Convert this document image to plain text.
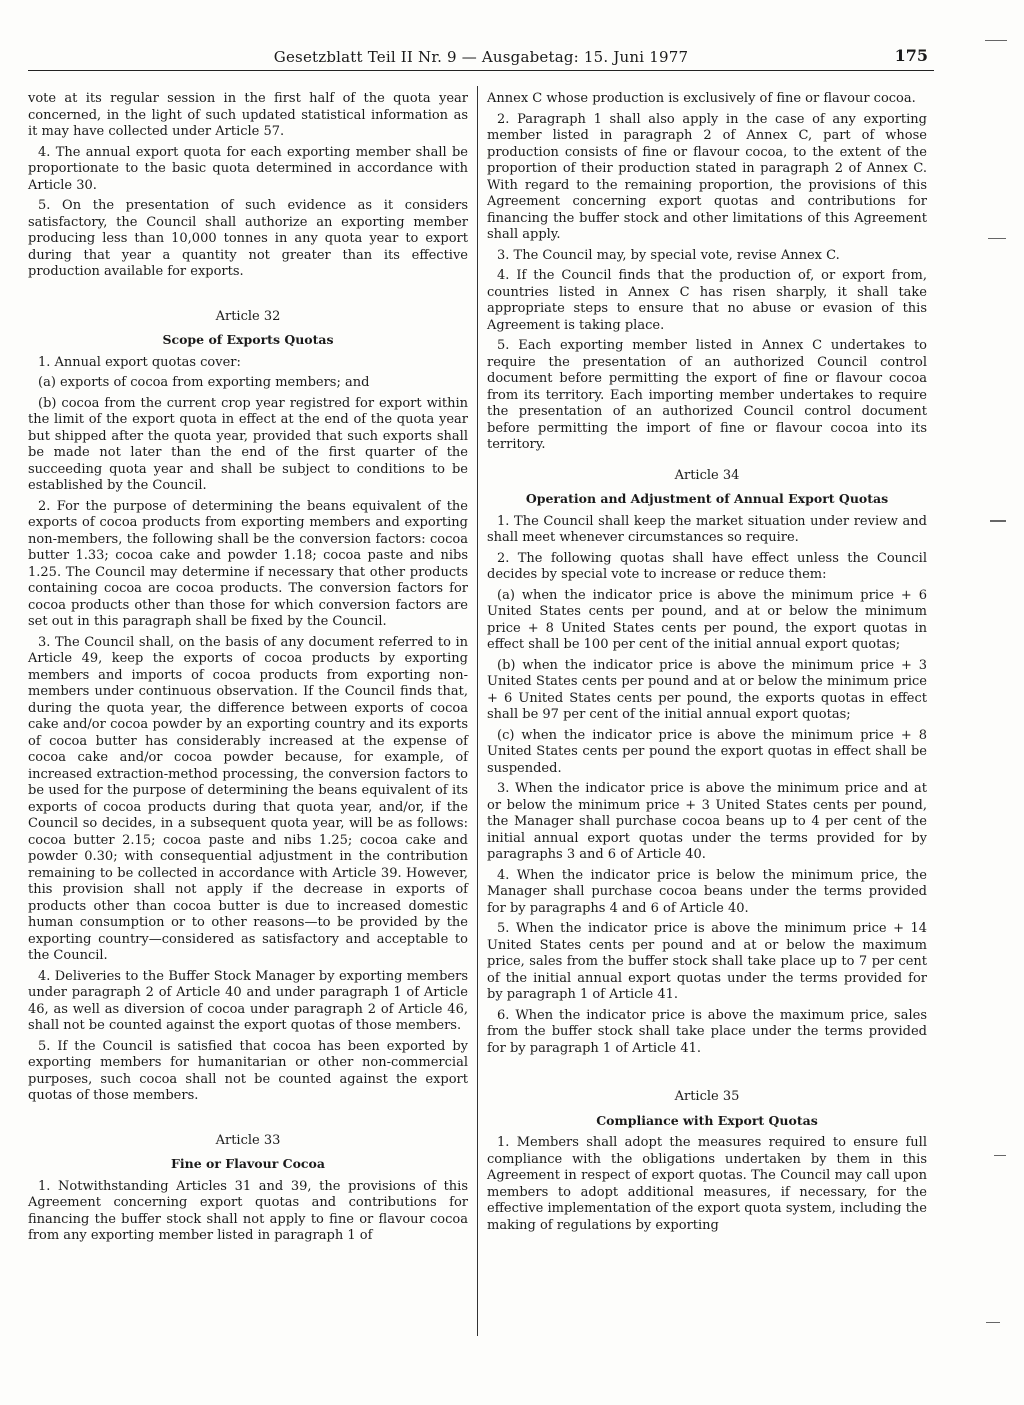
Gesetzblatt Teil II Nr. 9 — Ausgabetag: 15. Juni 1977	175

vote at its regular session in the first half of the quota year concerned, in the light of such updated statistical information as it may have collected under Article 57.

4. The annual export quota for each exporting member shall be proportionate to the basic quota determined in accordance with Article 30.

5. On the presentation of such evidence as it considers satisfactory, the Council shall authorize an exporting member producing less than 10,000 tonnes in any quota year to export during that year a quantity not greater than its effective production available for exports.

Article 32
Scope of Exports Quotas

1. Annual export quotas cover:

(a) exports of cocoa from exporting members; and

(b) cocoa from the current crop year registred for export within the limit of the export quota in effect at the end of the quota year but shipped after the quota year, provided that such exports shall be made not later than the end of the first quarter of the succeeding quota year and shall be subject to conditions to be established by the Council.

2. For the purpose of determining the beans equivalent of the exports of cocoa products from exporting members and exporting non-members, the following shall be the conversion factors: cocoa butter 1.33; cocoa cake and powder 1.18; cocoa paste and nibs 1.25. The Council may determine if necessary that other products containing cocoa are cocoa products. The conversion factors for cocoa products other than those for which conversion factors are set out in this paragraph shall be fixed by the Council.

3. The Council shall, on the basis of any document referred to in Article 49, keep the exports of cocoa products by exporting members and imports of cocoa products from exporting non-members under continuous observation. If the Council finds that, during the quota year, the difference between exports of cocoa cake and/or cocoa powder by an exporting country and its exports of cocoa butter has considerably increased at the expense of cocoa cake and/or cocoa powder because, for example, of increased extraction-method processing, the conversion factors to be used for the purpose of determining the beans equivalent of its exports of cocoa products during that quota year, and/or, if the Council so decides, in a subsequent quota year, will be as follows: cocoa butter 2.15; cocoa paste and nibs 1.25; cocoa cake and powder 0.30; with consequential adjustment in the contribution remaining to be collected in accordance with Article 39. However, this provision shall not apply if the decrease in exports of products other than cocoa butter is due to increased domestic human consumption or to other reasons—to be provided by the exporting country—considered as satisfactory and acceptable to the Council.

4. Deliveries to the Buffer Stock Manager by exporting members under paragraph 2 of Article 40 and under paragraph 1 of Article 46, as well as diversion of cocoa under paragraph 2 of Article 46, shall not be counted against the export quotas of those members.

5. If the Council is satisfied that cocoa has been exported by exporting members for humanitarian or other non-commercial purposes, such cocoa shall not be counted against the export quotas of those members.

Article 33
Fine or Flavour Cocoa

1. Notwithstanding Articles 31 and 39, the provisions of this Agreement concerning export quotas and contributions for financing the buffer stock shall not apply to fine or flavour cocoa from any exporting member listed in paragraph 1 of

Annex C whose production is exclusively of fine or flavour cocoa.

2. Paragraph 1 shall also apply in the case of any exporting member listed in paragraph 2 of Annex C, part of whose production consists of fine or flavour cocoa, to the extent of the proportion of their production stated in paragraph 2 of Annex C. With regard to the remaining proportion, the provisions of this Agreement concerning export quotas and contributions for financing the buffer stock and other limitations of this Agreement shall apply.

3. The Council may, by special vote, revise Annex C.

4. If the Council finds that the production of, or export from, countries listed in Annex C has risen sharply, it shall take appropriate steps to ensure that no abuse or evasion of this Agreement is taking place.

5. Each exporting member listed in Annex C undertakes to require the presentation of an authorized Council control document before permitting the export of fine or flavour cocoa from its territory. Each importing member undertakes to require the presentation of an authorized Council control document before permitting the import of fine or flavour cocoa into its territory.

Article 34
Operation and Adjustment of Annual Export Quotas

1. The Council shall keep the market situation under review and shall meet whenever circumstances so require.

2. The following quotas shall have effect unless the Council decides by special vote to increase or reduce them:

(a) when the indicator price is above the minimum price + 6 United States cents per pound, and at or below the minimum price + 8 United States cents per pound, the export quotas in effect shall be 100 per cent of the initial annual export quotas;

(b) when the indicator price is above the minimum price + 3 United States cents per pound and at or below the minimum price + 6 United States cents per pound, the exports quotas in effect shall be 97 per cent of the initial annual export quotas;

(c) when the indicator price is above the minimum price + 8 United States cents per pound the export quotas in effect shall be suspended.

3. When the indicator price is above the minimum price and at or below the minimum price + 3 United States cents per pound, the Manager shall purchase cocoa beans up to 4 per cent of the initial annual export quotas under the terms provided for by paragraphs 3 and 6 of Article 40.

4. When the indicator price is below the minimum price, the Manager shall purchase cocoa beans under the terms provided for by paragraphs 4 and 6 of Article 40.

5. When the indicator price is above the minimum price + 14 United States cents per pound and at or below the maximum price, sales from the buffer stock shall take place up to 7 per cent of the initial annual export quotas under the terms provided for by paragraph 1 of Article 41.

6. When the indicator price is above the maximum price, sales from the buffer stock shall take place under the terms provided for by paragraph 1 of Article 41.

Article 35
Compliance with Export Quotas

1. Members shall adopt the measures required to ensure full compliance with the obligations undertaken by them in this Agreement in respect of export quotas. The Council may call upon members to adopt additional measures, if necessary, for the effective implementation of the export quota system, including the making of regulations by exporting
